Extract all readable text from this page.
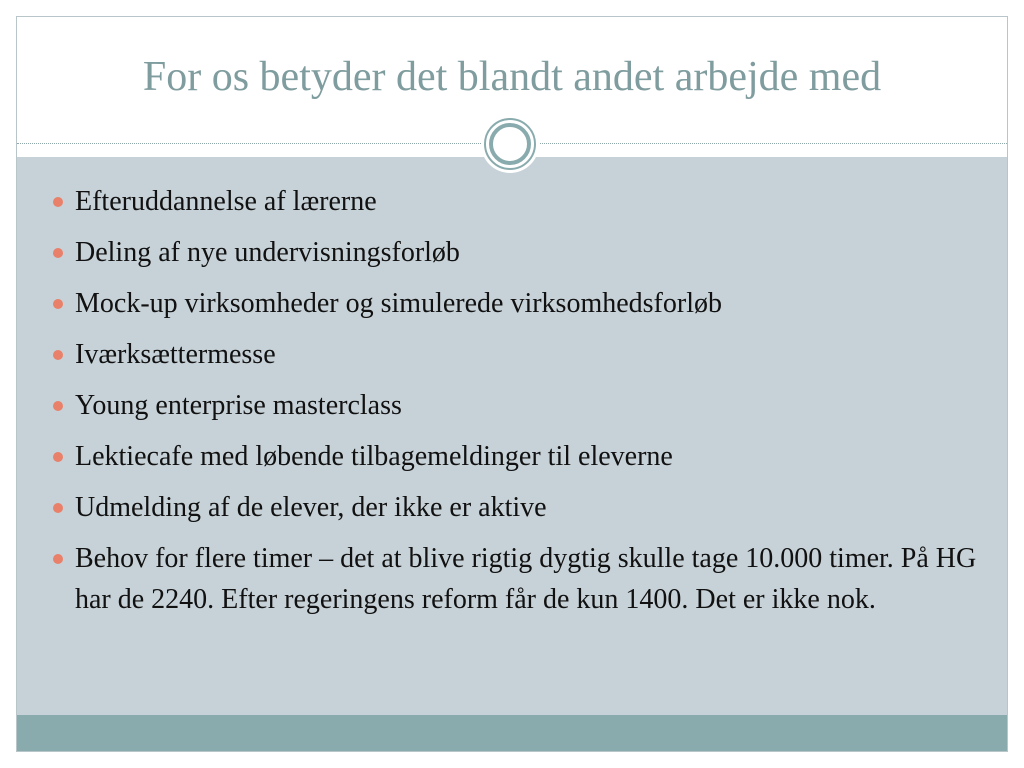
For os betyder det blandt andet arbejde med
Efteruddannelse af lærerne
Deling af nye undervisningsforløb
Mock-up virksomheder og simulerede virksomhedsforløb
Iværksættermesse
Young enterprise masterclass
Lektiecafe med løbende tilbagemeldinger til eleverne
Udmelding af de elever, der ikke er aktive
Behov for flere timer – det at blive rigtig dygtig skulle tage 10.000 timer. På HG har de 2240. Efter regeringens reform får de kun 1400. Det er ikke nok.
